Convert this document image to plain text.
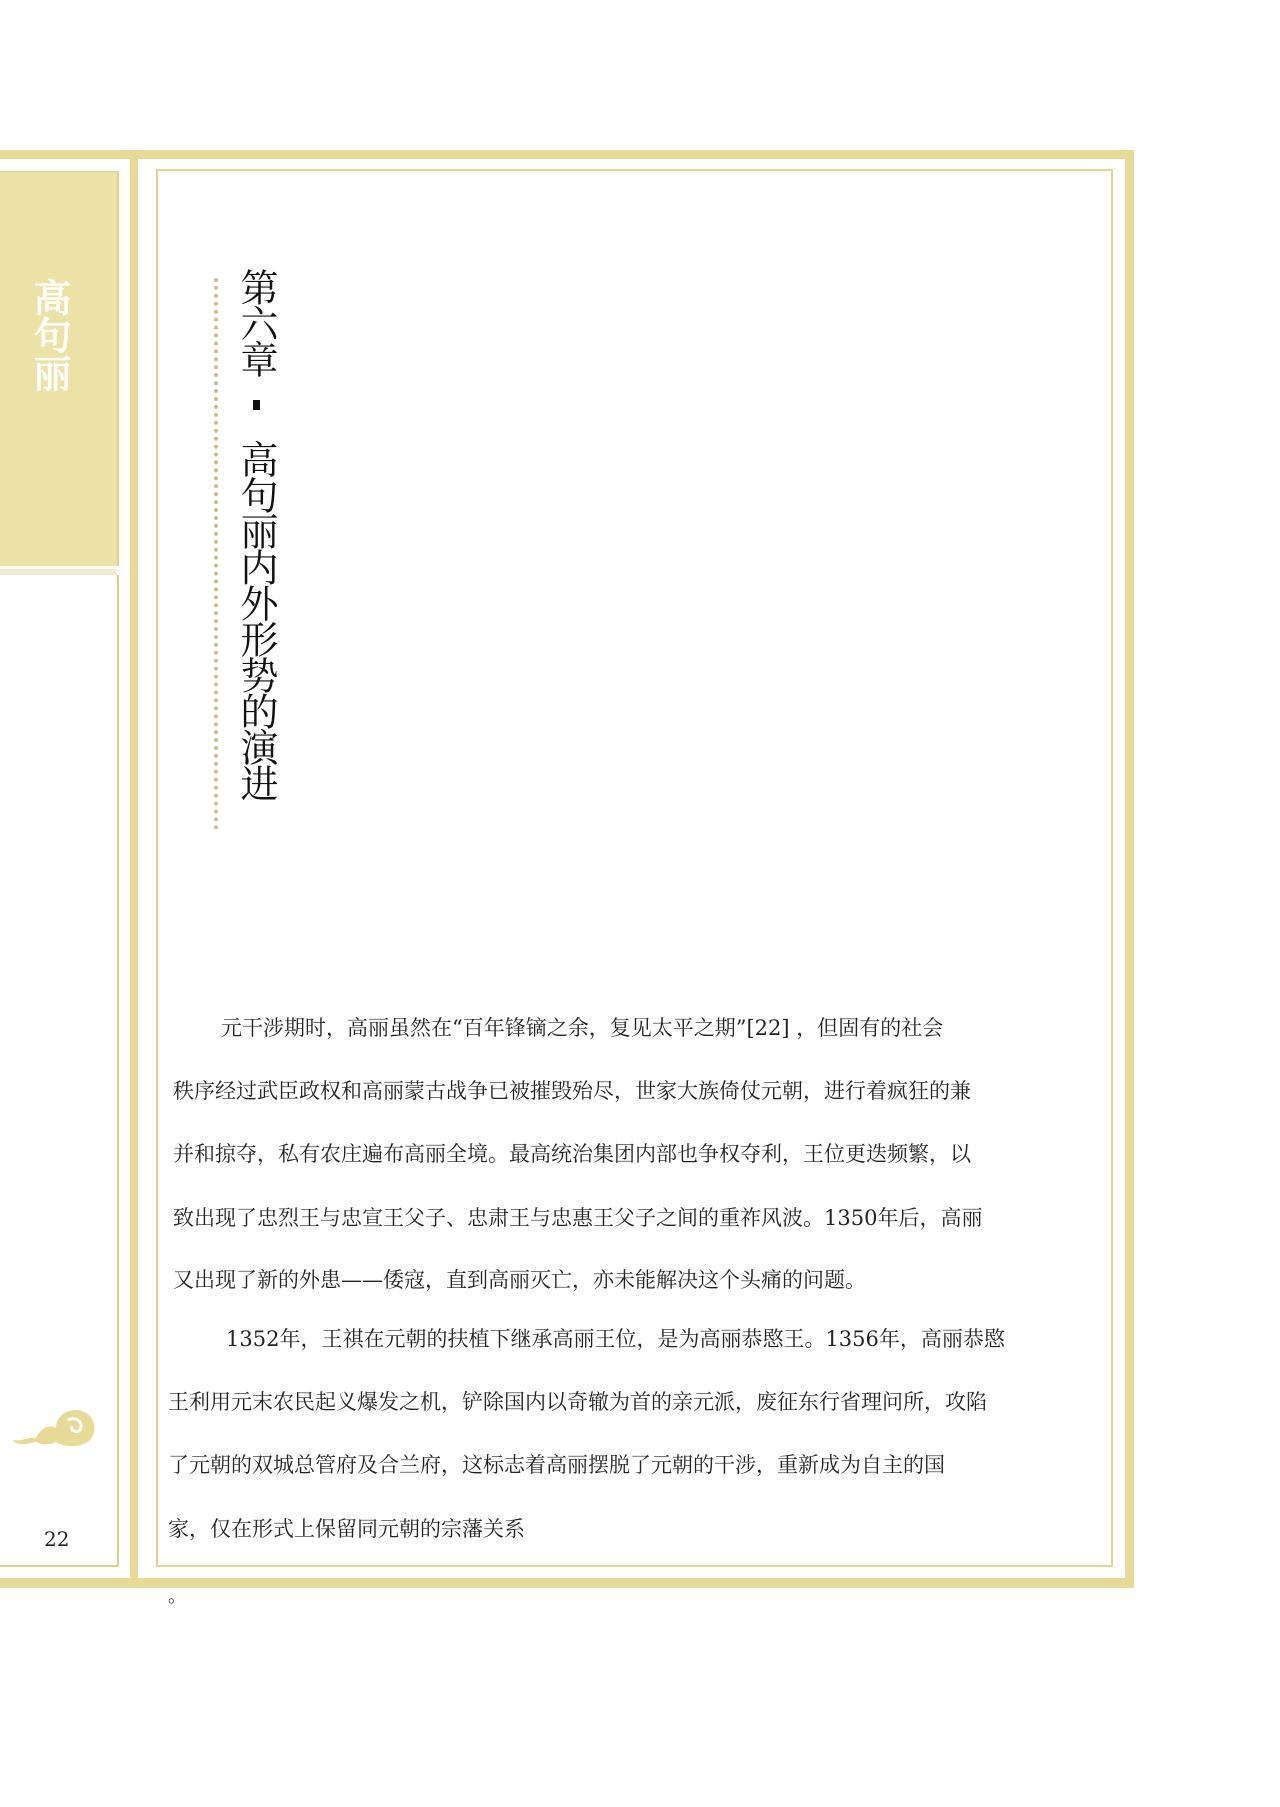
高句丽
22
第六章高句丽内外形势的演进
元干涉期时，高丽虽然在“百年锋镝之余，复见太平之期”[22] ，但固有的社会
秩序经过武臣政权和高丽蒙古战争已被摧毁殆尽，世家大族倚仗元朝，进行着疯狂的兼
并和掠夺，私有农庄遍布高丽全境。最高统治集团内部也争权夺利，王位更迭频繁，以
致出现了忠烈王与忠宣王父子、忠肃王与忠惠王父子之间的重祚风波。1350年后，高丽
又出现了新的外患——倭寇，直到高丽灭亡，亦未能解决这个头痛的问题。
1352年，王祺在元朝的扶植下继承高丽王位，是为高丽恭愍王。1356年，高丽恭愍
王利用元末农民起义爆发之机，铲除国内以奇辙为首的亲元派，废征东行省理问所，攻陷
了元朝的双城总管府及合兰府，这标志着高丽摆脱了元朝的干涉，重新成为自主的国
家，仅在形式上保留同元朝的宗藩关系
。
